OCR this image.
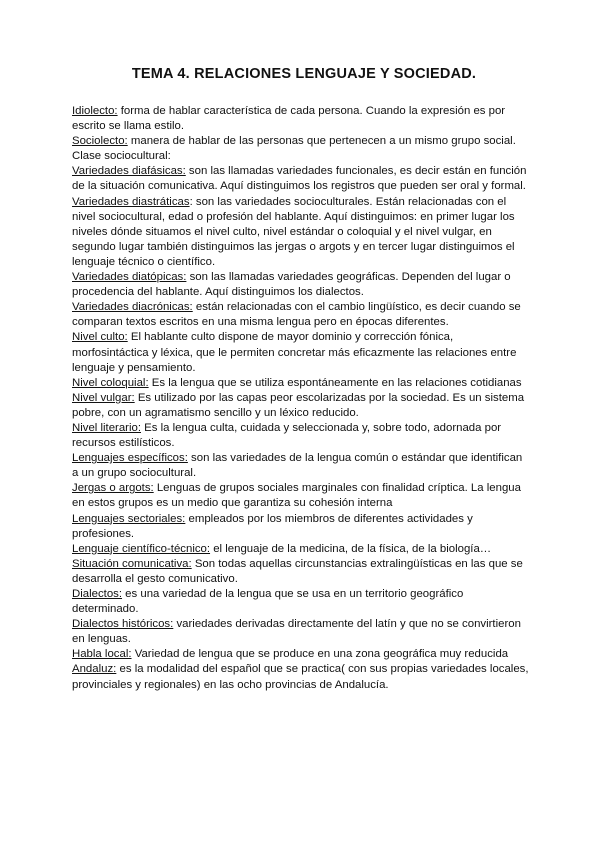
TEMA 4. RELACIONES LENGUAJE Y SOCIEDAD.

Idiolecto: forma de hablar característica de cada persona. Cuando la expresión es por escrito se llama estilo.

Sociolecto: manera de hablar de las personas que pertenecen a un mismo grupo social. Clase sociocultural:

Variedades diafásicas: son las llamadas variedades funcionales, es decir están en función de la situación comunicativa. Aquí distinguimos los registros que pueden ser oral y formal.

Variedades diastráticas: son las variedades socioculturales. Están relacionadas con el nivel sociocultural, edad o profesión del hablante. Aquí distinguimos: en primer lugar los niveles dónde situamos el nivel culto, nivel estándar o coloquial y el nivel vulgar, en segundo lugar también distinguimos las jergas o argots y en tercer lugar distinguimos el lenguaje técnico o científico.

Variedades diatópicas: son las llamadas variedades geográficas. Dependen del lugar o procedencia del hablante. Aquí distinguimos los dialectos.

Variedades diacrónicas: están relacionadas con el cambio lingüístico, es decir cuando se comparan textos escritos en una misma lengua pero en épocas diferentes.

Nivel culto: El hablante culto dispone de mayor dominio y corrección fónica, morfosintáctica y léxica, que le permiten concretar más eficazmente las relaciones entre lenguaje y pensamiento.

Nivel coloquial: Es la lengua que se utiliza espontáneamente en las relaciones cotidianas

Nivel vulgar: Es utilizado por las capas peor escolarizadas por la sociedad. Es un sistema pobre, con un agramatismo sencillo y un léxico reducido.

Nivel literario: Es la lengua culta, cuidada y seleccionada y, sobre todo, adornada por recursos estilísticos.

Lenguajes específicos: son las variedades de la lengua común o estándar que identifican a un grupo sociocultural.

Jergas o argots: Lenguas de grupos sociales marginales con finalidad críptica. La lengua en estos grupos es un medio que garantiza su cohesión interna

Lenguajes sectoriales: empleados por los miembros de diferentes actividades y profesiones.

Lenguaje científico-técnico: el lenguaje de la medicina, de la física, de la biología…

Situación comunicativa: Son todas aquellas circunstancias extralingüísticas en las que se desarrolla el gesto comunicativo.

Dialectos: es una variedad de la lengua que se usa en un territorio geográfico determinado.

Dialectos históricos: variedades derivadas directamente del latín y que no se convirtieron en lenguas.

Habla local: Variedad de lengua que se produce en una zona geográfica muy reducida

Andaluz: es la modalidad del español que se practica( con sus propias variedades locales, provinciales y regionales) en las ocho provincias de Andalucía.
